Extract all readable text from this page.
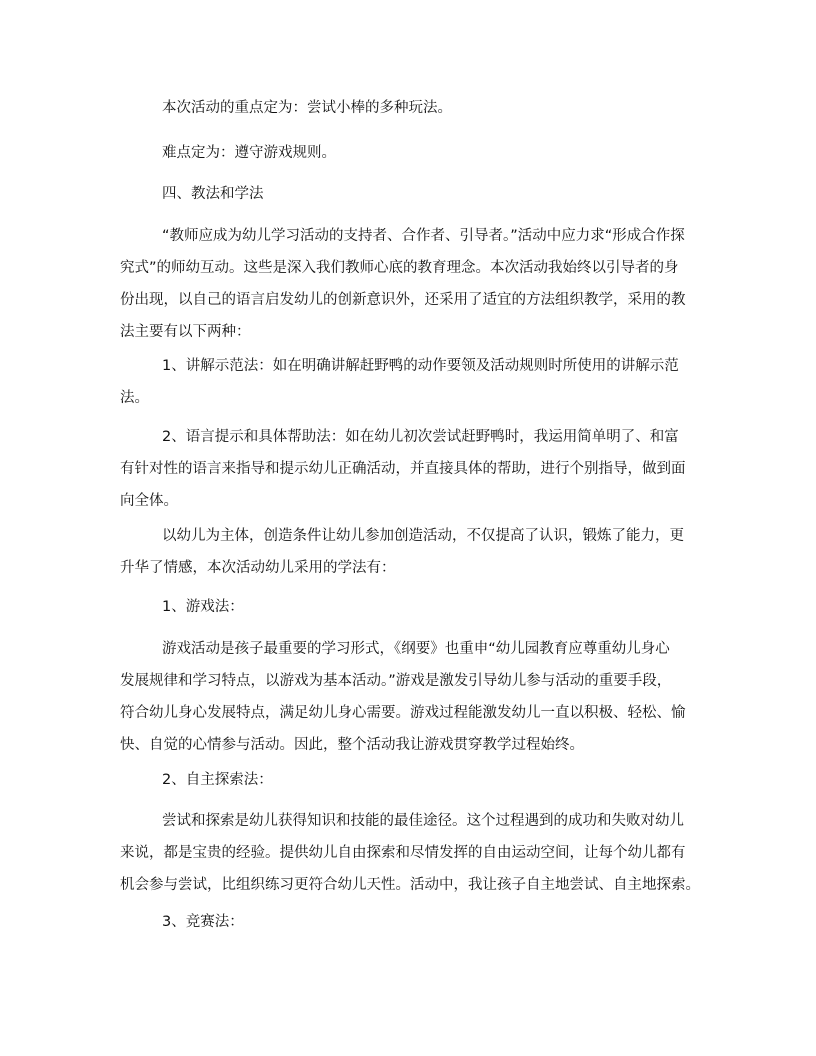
本次活动的重点定为：尝试小棒的多种玩法。

难点定为：遵守游戏规则。

四、教法和学法

“教师应成为幼儿学习活动的支持者、合作者、引导者。”活动中应力求“形成合作探
究式”的师幼互动。这些是深入我们教师心底的教育理念。本次活动我始终以引导者的身
份出现，以自己的语言启发幼儿的创新意识外，还采用了适宜的方法组织教学，采用的教
法主要有以下两种：

1、讲解示范法：如在明确讲解赶野鸭的动作要领及活动规则时所使用的讲解示范
法。

2、语言提示和具体帮助法：如在幼儿初次尝试赶野鸭时，我运用简单明了、和富
有针对性的语言来指导和提示幼儿正确活动，并直接具体的帮助，进行个别指导，做到面
向全体。

以幼儿为主体，创造条件让幼儿参加创造活动，不仅提高了认识，锻炼了能力，更
升华了情感，本次活动幼儿采用的学法有：

1、游戏法：

游戏活动是孩子最重要的学习形式，《纲要》也重申“幼儿园教育应尊重幼儿身心
发展规律和学习特点，以游戏为基本活动。”游戏是激发引导幼儿参与活动的重要手段，
符合幼儿身心发展特点，满足幼儿身心需要。游戏过程能激发幼儿一直以积极、轻松、愉
快、自觉的心情参与活动。因此，整个活动我让游戏贯穿教学过程始终。

2、自主探索法：

尝试和探索是幼儿获得知识和技能的最佳途径。这个过程遇到的成功和失败对幼儿
来说，都是宝贵的经验。提供幼儿自由探索和尽情发挥的自由运动空间，让每个幼儿都有
机会参与尝试，比组织练习更符合幼儿天性。活动中，我让孩子自主地尝试、自主地探索。

3、竞赛法：
